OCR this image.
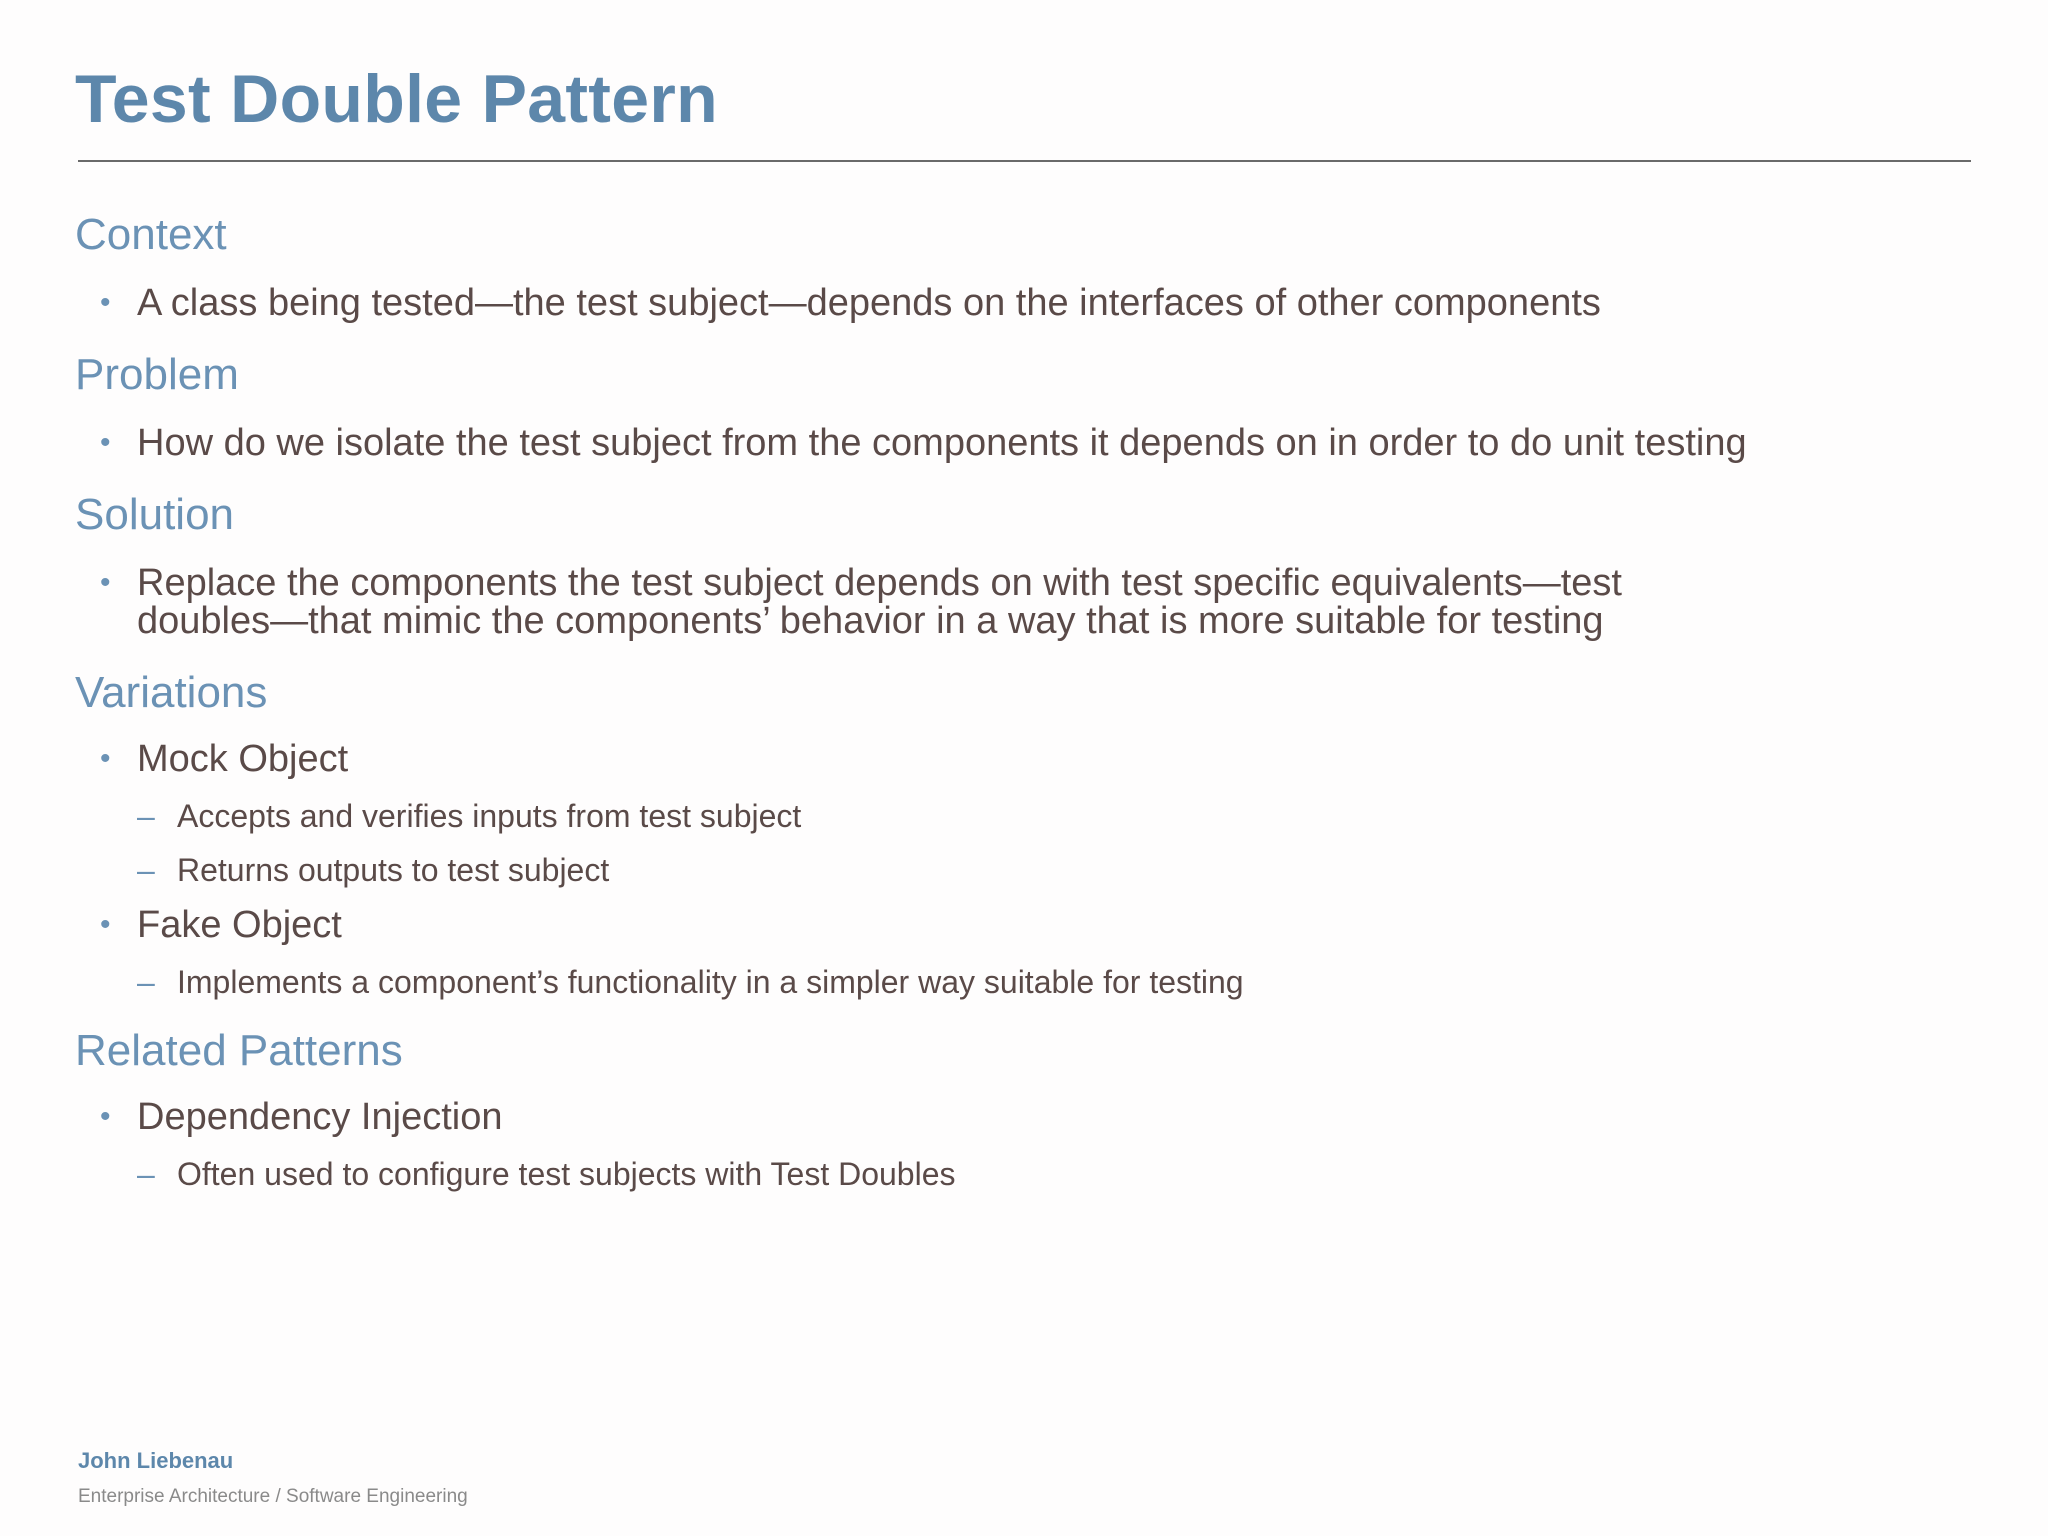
Test Double Pattern
Context

• A class being tested—the test subject—depends on the interfaces of other components

Problem

• How do we isolate the test subject from the components it depends on in order to do unit testing

Solution

• Replace the components the test subject depends on with test specific equivalents—test

doubles—that mimic the components’ behavior in a way that is more suitable for testing

Variations

• Mock Object

– Accepts and verifies inputs from test subject

– Returns outputs to test subject

• Fake Object

– Implements a component’s functionality in a simpler way suitable for testing

Related Patterns

• Dependency Injection

– Often used to configure test subjects with Test Doubles

John Liebenau
Enterprise Architecture / Software Engineering
